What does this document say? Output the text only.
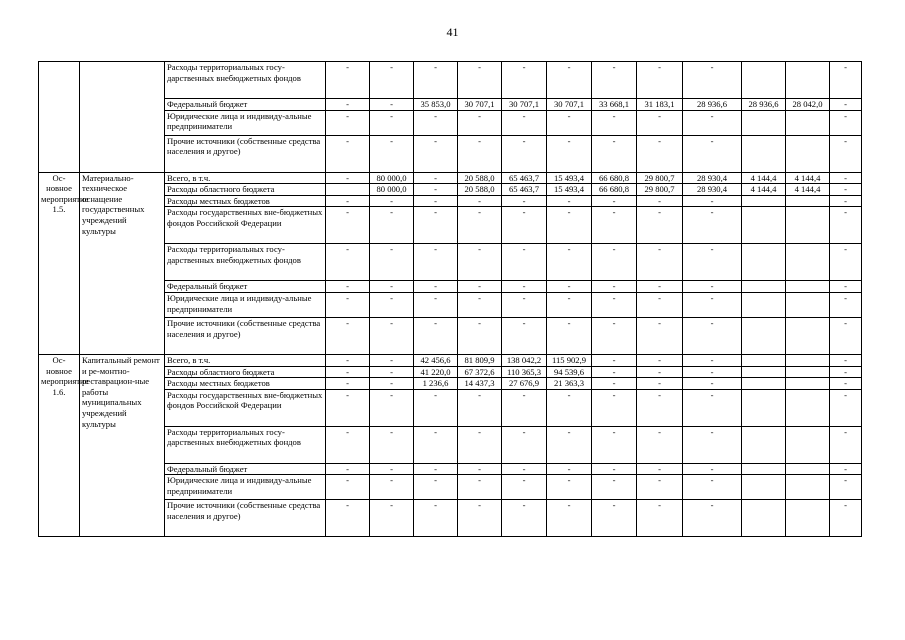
41
		Расходы территориальных госу-дарственных внебюджетных фондов	-	-	-	-	-	-	-	-	-			-
		Федеральный бюджет	-	-	35 853,0	30 707,1	30 707,1	30 707,1	33 668,1	31 183,1	28 936,6	28 936,6	28 042,0	-
		Юридические лица и индивиду-альные предприниматели	-	-	-	-	-	-	-	-	-			-
		Прочие источники (собственные средства населения и другое)	-	-	-	-	-	-	-	-	-			-
Ос-новное мероприятие 1.5.	Материально-техническое оснащение государственных учреждений культуры	Всего, в т.ч.	-	80 000,0	-	20 588,0	65 463,7	15 493,4	66 680,8	29 800,7	28 930,4	4 144,4	4 144,4	-
		Расходы областного бюджета		80 000,0	-	20 588,0	65 463,7	15 493,4	66 680,8	29 800,7	28 930,4	4 144,4	4 144,4	-
		Расходы местных бюджетов	-	-	-	-	-	-	-	-	-			-
		Расходы государственных вне-бюджетных фондов Российской Федерации	-	-	-	-	-	-	-	-	-			-
		Расходы территориальных госу-дарственных внебюджетных фондов	-	-	-	-	-	-	-	-	-			-
		Федеральный бюджет	-	-	-	-	-	-	-	-	-			-
		Юридические лица и индивиду-альные предприниматели	-	-	-	-	-	-	-	-	-			-
		Прочие источники (собственные средства населения и другое)	-	-	-	-	-	-	-	-	-			-
Ос-новное мероприятие 1.6.	Капитальный ремонт и ре-монтно-реставрацион-ные работы муниципальных учреждений культуры	Всего, в т.ч.	-	-	42 456,6	81 809,9	138 042,2	115 902,9	-	-	-			-
		Расходы областного бюджета	-	-	41 220,0	67 372,6	110 365,3	94 539,6	-	-	-			-
		Расходы местных бюджетов	-	-	1 236,6	14 437,3	27 676,9	21 363,3	-	-	-			-
		Расходы государственных вне-бюджетных фондов Российской Федерации	-	-	-	-	-	-	-	-	-			-
		Расходы территориальных госу-дарственных внебюджетных фондов	-	-	-	-	-	-	-	-	-			-
		Федеральный бюджет	-	-	-	-	-	-	-	-	-			-
		Юридические лица и индивиду-альные предприниматели	-	-	-	-	-	-	-	-	-			-
		Прочие источники (собственные средства населения и другое)	-	-	-	-	-	-	-	-	-			-
